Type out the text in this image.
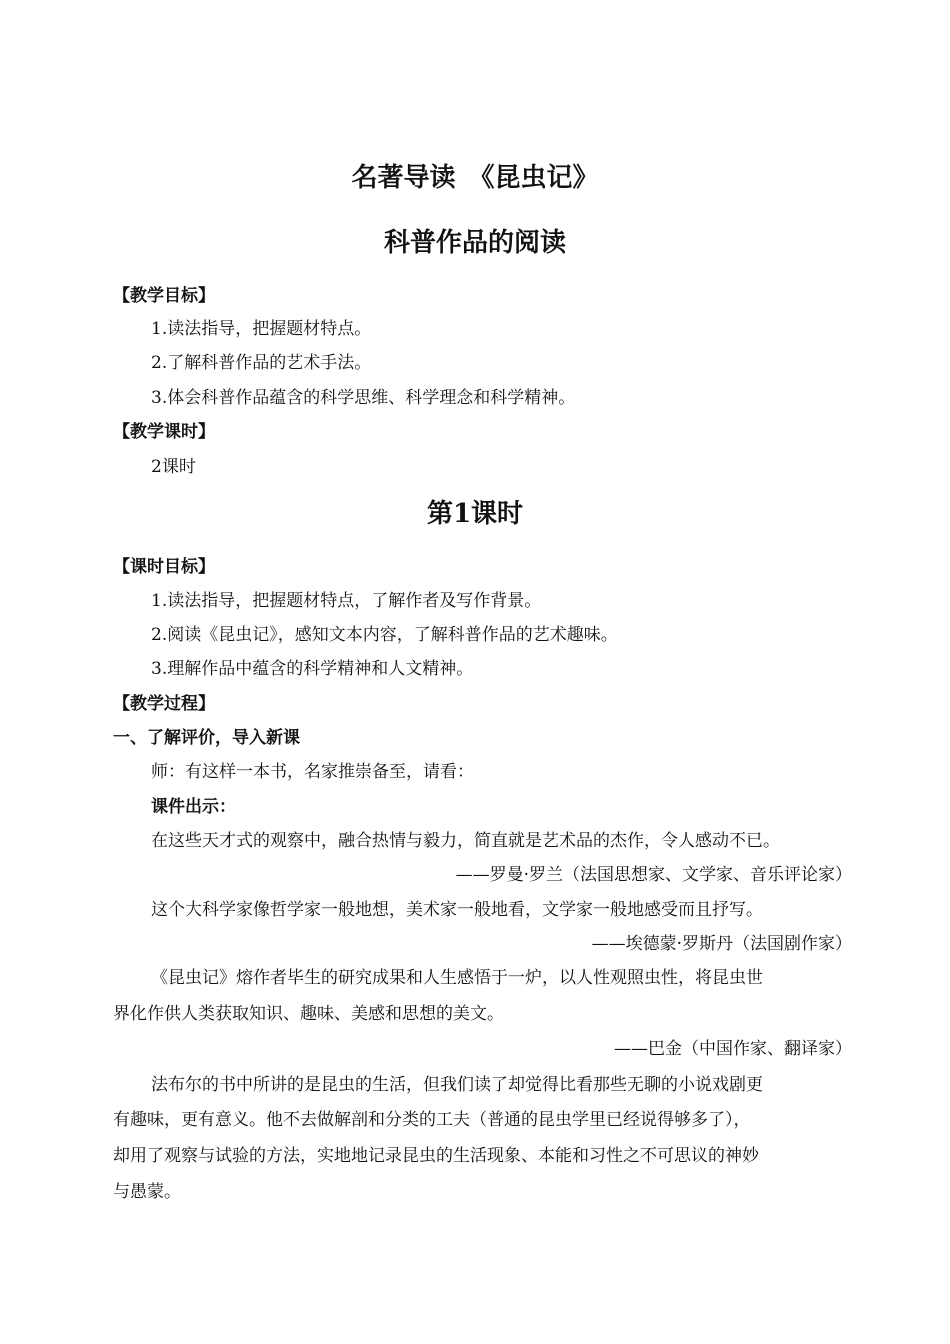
名著导读　《昆虫记》
科普作品的阅读
【教学目标】
1.读法指导，把握题材特点。
2.了解科普作品的艺术手法。
3.体会科普作品蕴含的科学思维、科学理念和科学精神。
【教学课时】
2课时
第1课时
【课时目标】
1.读法指导，把握题材特点，了解作者及写作背景。
2.阅读《昆虫记》，感知文本内容，了解科普作品的艺术趣味。
3.理解作品中蕴含的科学精神和人文精神。
【教学过程】
一、了解评价，导入新课
师：有这样一本书，名家推崇备至，请看：
课件出示：
在这些天才式的观察中，融合热情与毅力，简直就是艺术品的杰作，令人感动不已。
——罗曼·罗兰（法国思想家、文学家、音乐评论家）
这个大科学家像哲学家一般地想，美术家一般地看，文学家一般地感受而且抒写。
——埃德蒙·罗斯丹（法国剧作家）
《昆虫记》熔作者毕生的研究成果和人生感悟于一炉，以人性观照虫性，将昆虫世
界化作供人类获取知识、趣味、美感和思想的美文。
——巴金（中国作家、翻译家）
法布尔的书中所讲的是昆虫的生活，但我们读了却觉得比看那些无聊的小说戏剧更
有趣味，更有意义。他不去做解剖和分类的工夫（普通的昆虫学里已经说得够多了），
却用了观察与试验的方法，实地地记录昆虫的生活现象、本能和习性之不可思议的神妙
与愚蒙。
